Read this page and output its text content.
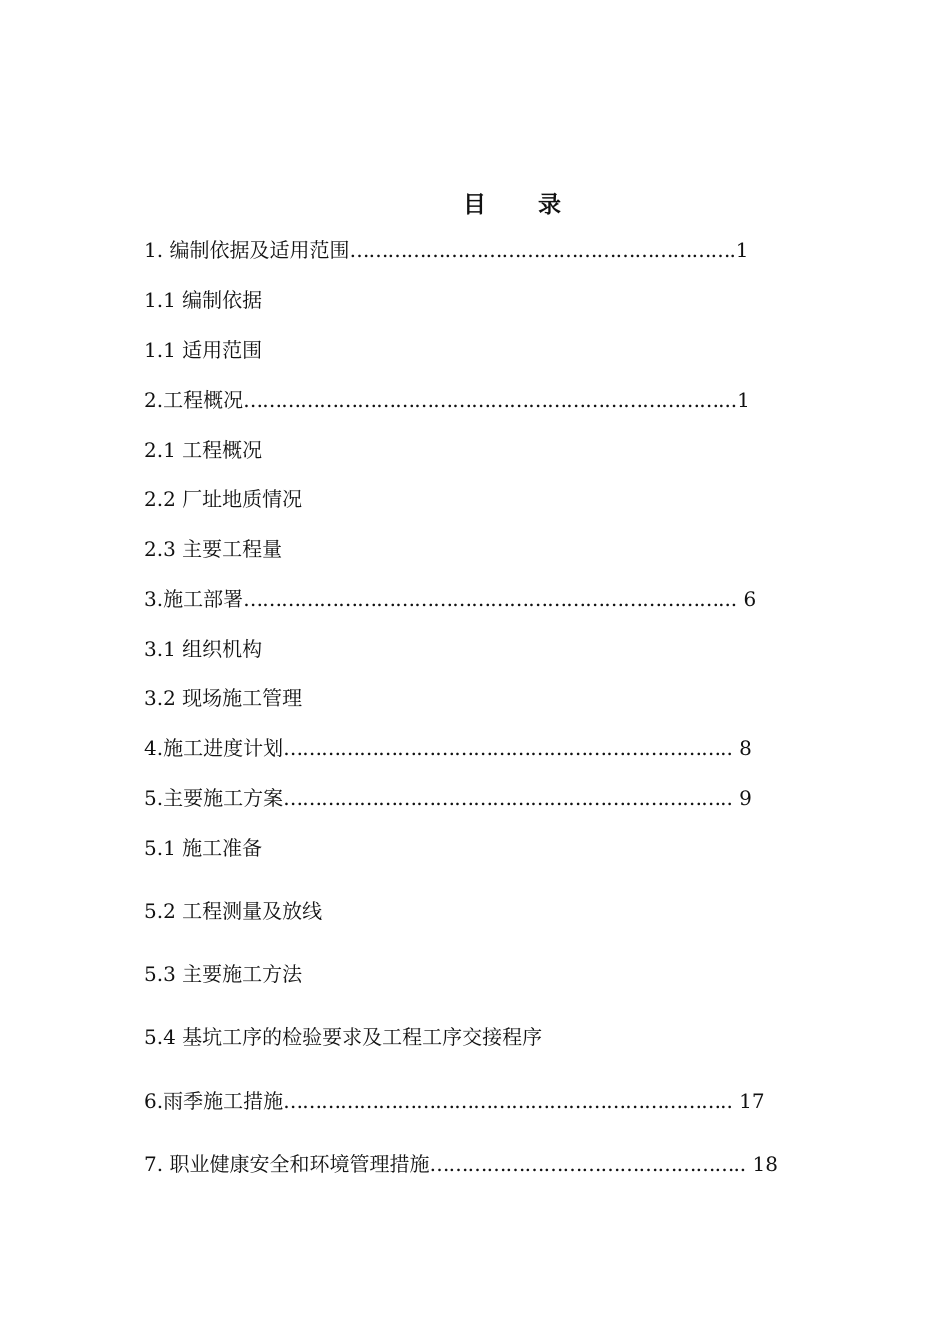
目 录
1. 编制依据及适用范围…………………………………………………….1
1.1 编制依据
1.1 适用范围
2.工程概况…………………………………………………………………...1
2.1 工程概况
2.2 厂址地质情况
2.3 主要工程量
3.施工部署…………………………………………………………………... 6
3.1 组织机构
3.2 现场施工管理
4.施工进度计划…………………………………………………………….. 8
5.主要施工方案…………………………………………………………….. 9
5.1 施工准备
5.2 工程测量及放线
5.3 主要施工方法
5.4 基坑工序的检验要求及工程工序交接程序
6.雨季施工措施…………………………………………………………….. 17
7. 职业健康安全和环境管理措施………………………………………….. 18
